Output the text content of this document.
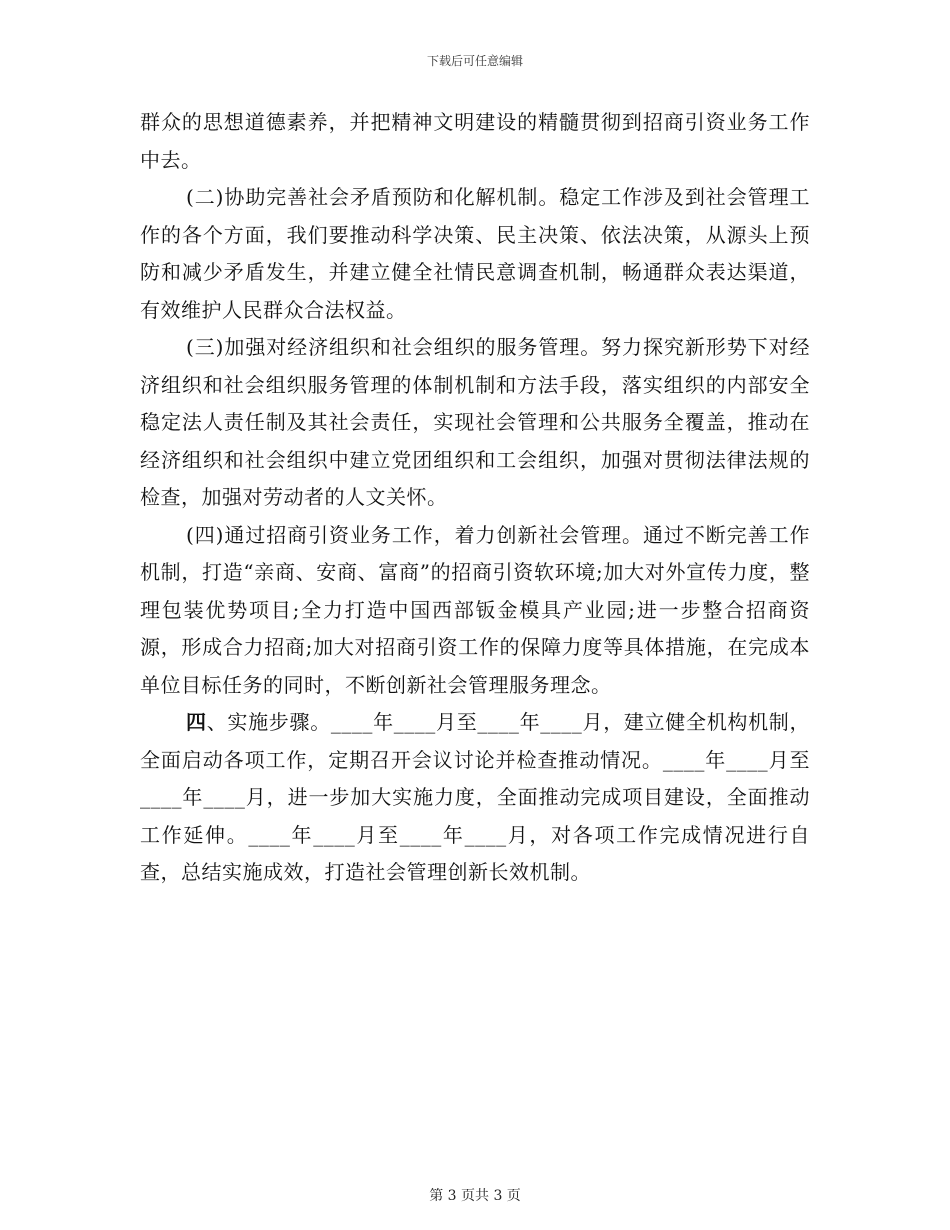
下载后可任意编辑

群众的思想道德素养，并把精神文明建设的精髓贯彻到招商引资业务工作中去。

(二)协助完善社会矛盾预防和化解机制。稳定工作涉及到社会管理工作的各个方面，我们要推动科学决策、民主决策、依法决策，从源头上预防和减少矛盾发生，并建立健全社情民意调查机制，畅通群众表达渠道，有效维护人民群众合法权益。

(三)加强对经济组织和社会组织的服务管理。努力探究新形势下对经济组织和社会组织服务管理的体制机制和方法手段，落实组织的内部安全稳定法人责任制及其社会责任，实现社会管理和公共服务全覆盖，推动在经济组织和社会组织中建立党团组织和工会组织，加强对贯彻法律法规的检查，加强对劳动者的人文关怀。

(四)通过招商引资业务工作，着力创新社会管理。通过不断完善工作机制，打造“亲商、安商、富商”的招商引资软环境;加大对外宣传力度，整理包装优势项目;全力打造中国西部钣金模具产业园;进一步整合招商资源，形成合力招商;加大对招商引资工作的保障力度等具体措施，在完成本单位目标任务的同时，不断创新社会管理服务理念。

四、实施步骤。____年____月至____年____月，建立健全机构机制，全面启动各项工作，定期召开会议讨论并检查推动情况。____年____月至____年____月，进一步加大实施力度，全面推动完成项目建设，全面推动工作延伸。____年____月至____年____月，对各项工作完成情况进行自查，总结实施成效，打造社会管理创新长效机制。

第 3 页共 3 页
